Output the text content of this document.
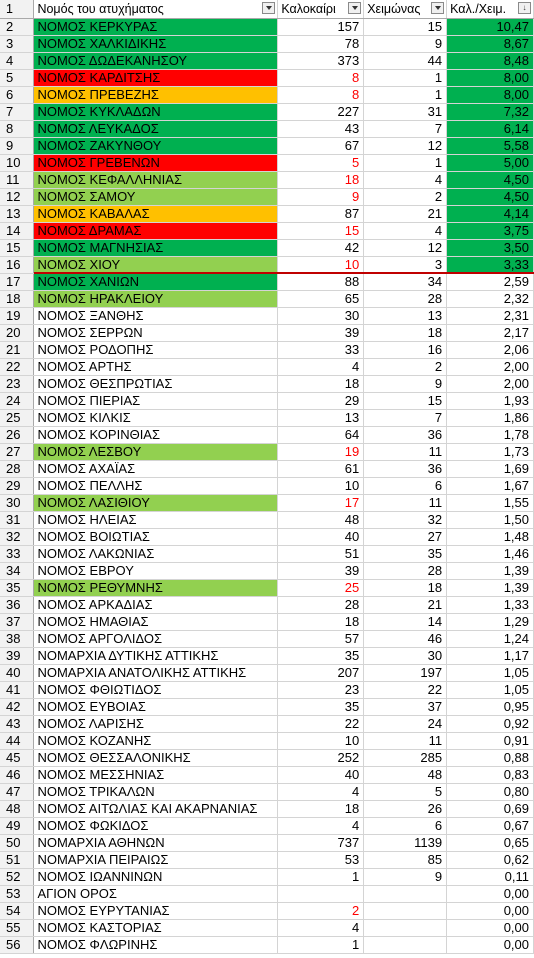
1	Νομός του ατυχήματος	Καλοκαίρι	Χειμώνας	Καλ./Χειμ. ↓

2	ΝΟΜΟΣ ΚΕΡΚΥΡΑΣ	157	15	10,47
3	ΝΟΜΟΣ ΧΑΛΚΙΔΙΚΗΣ	78	9	8,67
4	ΝΟΜΟΣ ΔΩΔΕΚΑΝΗΣΟΥ	373	44	8,48
5	ΝΟΜΟΣ ΚΑΡΔΙΤΣΗΣ	8	1	8,00
6	ΝΟΜΟΣ ΠΡΕΒΕΖΗΣ	8	1	8,00
7	ΝΟΜΟΣ ΚΥΚΛΑΔΩΝ	227	31	7,32
8	ΝΟΜΟΣ ΛΕΥΚΑΔΟΣ	43	7	6,14
9	ΝΟΜΟΣ ΖΑΚΥΝΘΟΥ	67	12	5,58
10	ΝΟΜΟΣ ΓΡΕΒΕΝΩΝ	5	1	5,00
11	ΝΟΜΟΣ ΚΕΦΑΛΛΗΝΙΑΣ	18	4	4,50
12	ΝΟΜΟΣ ΣΑΜΟΥ	9	2	4,50
13	ΝΟΜΟΣ ΚΑΒΑΛΑΣ	87	21	4,14
14	ΝΟΜΟΣ ΔΡΑΜΑΣ	15	4	3,75
15	ΝΟΜΟΣ ΜΑΓΝΗΣΙΑΣ	42	12	3,50
16	ΝΟΜΟΣ ΧΙΟΥ	10	3	3,33
17	ΝΟΜΟΣ ΧΑΝΙΩΝ	88	34	2,59
18	ΝΟΜΟΣ ΗΡΑΚΛΕΙΟΥ	65	28	2,32
19	ΝΟΜΟΣ ΞΑΝΘΗΣ	30	13	2,31
20	ΝΟΜΟΣ ΣΕΡΡΩΝ	39	18	2,17
21	ΝΟΜΟΣ ΡΟΔΟΠΗΣ	33	16	2,06
22	ΝΟΜΟΣ ΑΡΤΗΣ	4	2	2,00
23	ΝΟΜΟΣ ΘΕΣΠΡΩΤΙΑΣ	18	9	2,00
24	ΝΟΜΟΣ ΠΙΕΡΙΑΣ	29	15	1,93
25	ΝΟΜΟΣ ΚΙΛΚΙΣ	13	7	1,86
26	ΝΟΜΟΣ ΚΟΡΙΝΘΙΑΣ	64	36	1,78
27	ΝΟΜΟΣ ΛΕΣΒΟΥ	19	11	1,73
28	ΝΟΜΟΣ ΑΧΑΪΑΣ	61	36	1,69
29	ΝΟΜΟΣ ΠΕΛΛΗΣ	10	6	1,67
30	ΝΟΜΟΣ ΛΑΣΙΘΙΟΥ	17	11	1,55
31	ΝΟΜΟΣ ΗΛΕΙΑΣ	48	32	1,50
32	ΝΟΜΟΣ ΒΟΙΩΤΙΑΣ	40	27	1,48
33	ΝΟΜΟΣ ΛΑΚΩΝΙΑΣ	51	35	1,46
34	ΝΟΜΟΣ ΕΒΡΟΥ	39	28	1,39
35	ΝΟΜΟΣ ΡΕΘΥΜΝΗΣ	25	18	1,39
36	ΝΟΜΟΣ ΑΡΚΑΔΙΑΣ	28	21	1,33
37	ΝΟΜΟΣ ΗΜΑΘΙΑΣ	18	14	1,29
38	ΝΟΜΟΣ ΑΡΓΟΛΙΔΟΣ	57	46	1,24
39	ΝΟΜΑΡΧΙΑ ΔΥΤΙΚΗΣ ΑΤΤΙΚΗΣ	35	30	1,17
40	ΝΟΜΑΡΧΙΑ ΑΝΑΤΟΛΙΚΗΣ ΑΤΤΙΚΗΣ	207	197	1,05
41	ΝΟΜΟΣ ΦΘΙΩΤΙΔΟΣ	23	22	1,05
42	ΝΟΜΟΣ ΕΥΒΟΙΑΣ	35	37	0,95
43	ΝΟΜΟΣ ΛΑΡΙΣΗΣ	22	24	0,92
44	ΝΟΜΟΣ ΚΟΖΑΝΗΣ	10	11	0,91
45	ΝΟΜΟΣ ΘΕΣΣΑΛΟΝΙΚΗΣ	252	285	0,88
46	ΝΟΜΟΣ ΜΕΣΣΗΝΙΑΣ	40	48	0,83
47	ΝΟΜΟΣ ΤΡΙΚΑΛΩΝ	4	5	0,80
48	ΝΟΜΟΣ ΑΙΤΩΛΙΑΣ ΚΑΙ ΑΚΑΡΝΑΝΙΑΣ	18	26	0,69
49	ΝΟΜΟΣ ΦΩΚΙΔΟΣ	4	6	0,67
50	ΝΟΜΑΡΧΙΑ ΑΘΗΝΩΝ	737	1139	0,65
51	ΝΟΜΑΡΧΙΑ ΠΕΙΡΑΙΩΣ	53	85	0,62
52	ΝΟΜΟΣ ΙΩΑΝΝΙΝΩΝ	1	9	0,11
53	ΑΓΙΟΝ ΟΡΟΣ			0,00
54	ΝΟΜΟΣ ΕΥΡΥΤΑΝΙΑΣ	2		0,00
55	ΝΟΜΟΣ ΚΑΣΤΟΡΙΑΣ	4		0,00
56	ΝΟΜΟΣ ΦΛΩΡΙΝΗΣ	1		0,00
